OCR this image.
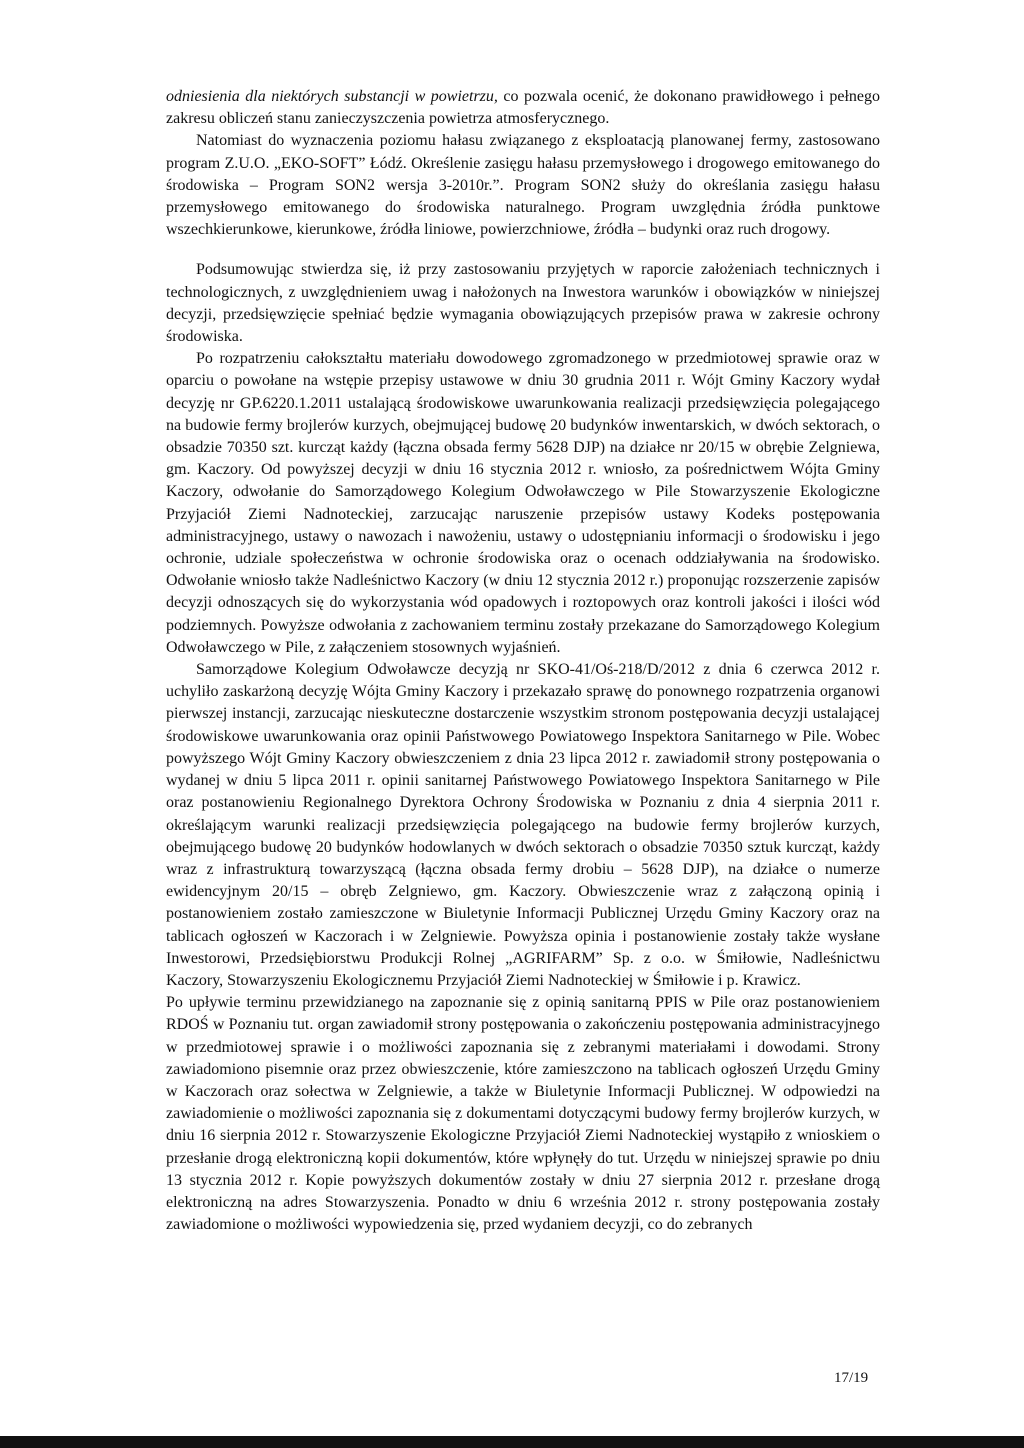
odniesienia dla niektórych substancji w powietrzu, co pozwala ocenić, że dokonano prawidłowego i pełnego zakresu obliczeń stanu zanieczyszczenia powietrza atmosferycznego.

Natomiast do wyznaczenia poziomu hałasu związanego z eksploatacją planowanej fermy, zastosowano program Z.U.O. „EKO-SOFT” Łódź. Określenie zasięgu hałasu przemysłowego i drogowego emitowanego do środowiska – Program SON2 wersja 3-2010r.”. Program SON2 służy do określania zasięgu hałasu przemysłowego emitowanego do środowiska naturalnego. Program uwzględnia źródła punktowe wszechkierunkowe, kierunkowe, źródła liniowe, powierzchniowe, źródła – budynki oraz ruch drogowy.

Podsumowując stwierdza się, iż przy zastosowaniu przyjętych w raporcie założeniach technicznych i technologicznych, z uwzględnieniem uwag i nałożonych na Inwestora warunków i obowiązków w niniejszej decyzji, przedsięwzięcie spełniać będzie wymagania obowiązujących przepisów prawa w zakresie ochrony środowiska.

Po rozpatrzeniu całokształtu materiału dowodowego zgromadzonego w przedmiotowej sprawie oraz w oparciu o powołane na wstępie przepisy ustawowe w dniu 30 grudnia 2011 r. Wójt Gminy Kaczory wydał decyzję nr GP.6220.1.2011 ustalającą środowiskowe uwarunkowania realizacji przedsięwzięcia polegającego na budowie fermy brojlerów kurzych, obejmującej budowę 20 budynków inwentarskich, w dwóch sektorach, o obsadzie 70350 szt. kurcząt każdy (łączna obsada fermy 5628 DJP) na działce nr 20/15 w obrębie Zelgniewa, gm. Kaczory. Od powyższej decyzji w dniu 16 stycznia 2012 r. wniosło, za pośrednictwem Wójta Gminy Kaczory, odwołanie do Samorządowego Kolegium Odwoławczego w Pile Stowarzyszenie Ekologiczne Przyjaciół Ziemi Nadnoteckiej, zarzucając naruszenie przepisów ustawy Kodeks postępowania administracyjnego, ustawy o nawozach i nawożeniu, ustawy o udostępnianiu informacji o środowisku i jego ochronie, udziale społeczeństwa w ochronie środowiska oraz o ocenach oddziaływania na środowisko. Odwołanie wniosło także Nadleśnictwo Kaczory (w dniu 12 stycznia 2012 r.) proponując rozszerzenie zapisów decyzji odnoszących się do wykorzystania wód opadowych i roztopowych oraz kontroli jakości i ilości wód podziemnych. Powyższe odwołania z zachowaniem terminu zostały przekazane do Samorządowego Kolegium Odwoławczego w Pile, z załączeniem stosownych wyjaśnień.

Samorządowe Kolegium Odwoławcze decyzją nr SKO-41/Oś-218/D/2012 z dnia 6 czerwca 2012 r. uchyliło zaskarżoną decyzję Wójta Gminy Kaczory i przekazało sprawę do ponownego rozpatrzenia organowi pierwszej instancji, zarzucając nieskuteczne dostarczenie wszystkim stronom postępowania decyzji ustalającej środowiskowe uwarunkowania oraz opinii Państwowego Powiatowego Inspektora Sanitarnego w Pile. Wobec powyższego Wójt Gminy Kaczory obwieszczeniem z dnia 23 lipca 2012 r. zawiadomił strony postępowania o wydanej w dniu 5 lipca 2011 r. opinii sanitarnej Państwowego Powiatowego Inspektora Sanitarnego w Pile oraz postanowieniu Regionalnego Dyrektora Ochrony Środowiska w Poznaniu z dnia 4 sierpnia 2011 r. określającym warunki realizacji przedsięwzięcia polegającego na budowie fermy brojlerów kurzych, obejmującego budowę 20 budynków hodowlanych w dwóch sektorach o obsadzie 70350 sztuk kurcząt, każdy wraz z infrastrukturą towarzyszącą (łączna obsada fermy drobiu – 5628 DJP), na działce o numerze ewidencyjnym 20/15 – obręb Zelgniewo, gm. Kaczory. Obwieszczenie wraz z załączoną opinią i postanowieniem zostało zamieszczone w Biuletynie Informacji Publicznej Urzędu Gminy Kaczory oraz na tablicach ogłoszeń w Kaczorach i w Zelgniewie. Powyższa opinia i postanowienie zostały także wysłane Inwestorowi, Przedsiębiorstwu Produkcji Rolnej „AGRIFARM” Sp. z o.o. w Śmiłowie, Nadleśnictwu Kaczory, Stowarzyszeniu Ekologicznemu Przyjaciół Ziemi Nadnoteckiej w Śmiłowie i p. Krawicz.

Po upływie terminu przewidzianego na zapoznanie się z opinią sanitarną PPIS w Pile oraz postanowieniem RDOŚ w Poznaniu tut. organ zawiadomił strony postępowania o zakończeniu postępowania administracyjnego w przedmiotowej sprawie i o możliwości zapoznania się z zebranymi materiałami i dowodami. Strony zawiadomiono pisemnie oraz przez obwieszczenie, które zamieszczono na tablicach ogłoszeń Urzędu Gminy w Kaczorach oraz sołectwa w Zelgniewie, a także w Biuletynie Informacji Publicznej. W odpowiedzi na zawiadomienie o możliwości zapoznania się z dokumentami dotyczącymi budowy fermy brojlerów kurzych, w dniu 16 sierpnia 2012 r. Stowarzyszenie Ekologiczne Przyjaciół Ziemi Nadnoteckiej wystąpiło z wnioskiem o przesłanie drogą elektroniczną kopii dokumentów, które wpłynęły do tut. Urzędu w niniejszej sprawie po dniu 13 stycznia 2012 r. Kopie powyższych dokumentów zostały w dniu 27 sierpnia 2012 r. przesłane drogą elektroniczną na adres Stowarzyszenia. Ponadto w dniu 6 września 2012 r. strony postępowania zostały zawiadomione o możliwości wypowiedzenia się, przed wydaniem decyzji, co do zebranych

17/19
